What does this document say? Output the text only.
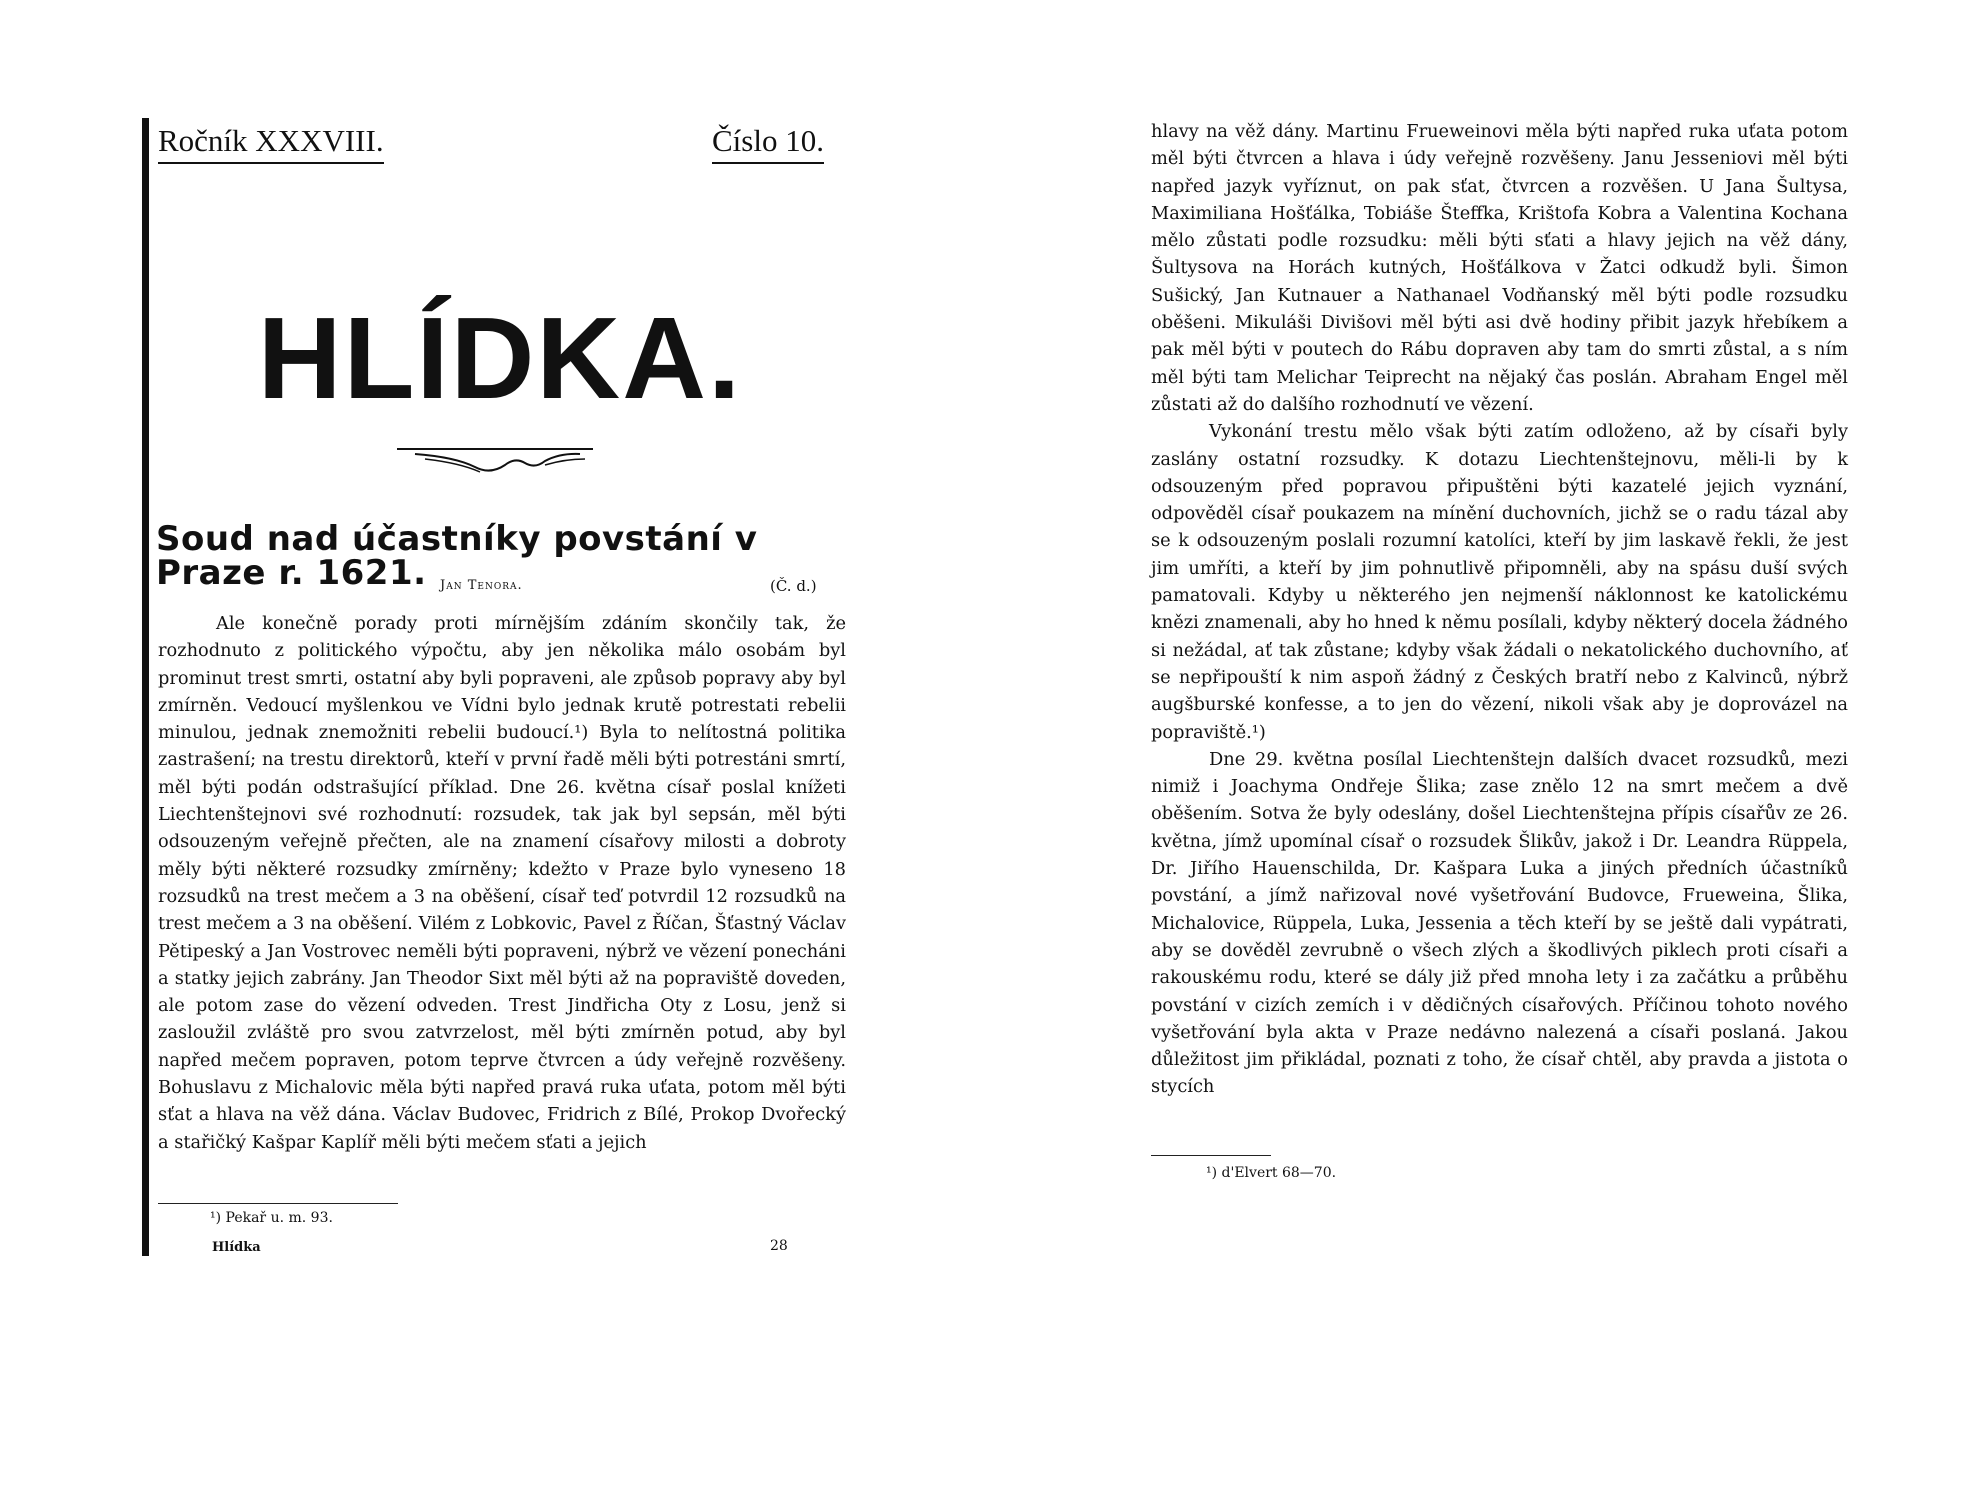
Ročník XXXVIII.	Číslo 10.
HLÍDKA.
Soud nad účastníky povstání v Praze r. 1621.	Jan Tenora.	(Č. d.)

Ale konečně porady proti mírnějším zdáním skončily tak, že rozhodnuto z politického výpočtu, aby jen několika málo osobám byl prominut trest smrti, ostatní aby byli popraveni, ale způsob popravy aby byl zmírněn. Vedoucí myšlenkou ve Vídni bylo jednak krutě potrestati rebelii minulou, jednak znemožniti rebelii budoucí.¹) Byla to nelítostná politika zastrašení; na trestu direktorů, kteří v první řadě měli býti potrestáni smrtí, měl býti podán odstrašující příklad. Dne 26. května císař poslal knížeti Liechtenštejnovi své rozhodnutí: rozsudek, tak jak byl sepsán, měl býti odsouzeným veřejně přečten, ale na znamení císařovy milosti a dobroty měly býti některé rozsudky zmírněny; kdežto v Praze bylo vyneseno 18 rozsudků na trest mečem a 3 na oběšení, císař teď potvrdil 12 rozsudků na trest mečem a 3 na oběšení. Vilém z Lobkovic, Pavel z Říčan, Šťastný Václav Pětipeský a Jan Vostrovec neměli býti popraveni, nýbrž ve vězení ponecháni a statky jejich zabrány. Jan Theodor Sixt měl býti až na popraviště doveden, ale potom zase do vězení odveden. Trest Jindřicha Oty z Losu, jenž si zasloužil zvláště pro svou zatvrzelost, měl býti zmírněn potud, aby byl napřed mečem popraven, potom teprve čtvrcen a údy veřejně rozvěšeny. Bohuslavu z Michalovic měla býti napřed pravá ruka uťata, potom měl býti sťat a hlava na věž dána. Václav Budovec, Fridrich z Bílé, Prokop Dvořecký a stařičký Kašpar Kaplíř měli býti mečem sťati a jejich

¹) Pekař u. m. 93.
Hlídka	28

hlavy na věž dány. Martinu Frueweinovi měla býti napřed ruka uťata potom měl býti čtvrcen a hlava i údy veřejně rozvěšeny. Janu Jesseniovi měl býti napřed jazyk vyříznut, on pak sťat, čtvrcen a rozvěšen. U Jana Šultysa, Maximiliana Hošťálka, Tobiáše Šteffka, Krištofa Kobra a Valentina Kochana mělo zůstati podle rozsudku: měli býti sťati a hlavy jejich na věž dány, Šultysova na Horách kutných, Hošťálkova v Žatci odkudž byli. Šimon Sušický, Jan Kutnauer a Nathanael Vodňanský měl býti podle rozsudku oběšeni. Mikuláši Divišovi měl býti asi dvě hodiny přibit jazyk hřebíkem a pak měl býti v poutech do Rábu dopraven aby tam do smrti zůstal, a s ním měl býti tam Melichar Teiprecht na nějaký čas poslán. Abraham Engel měl zůstati až do dalšího rozhodnutí ve vězení.

Vykonání trestu mělo však býti zatím odloženo, až by císaři byly zaslány ostatní rozsudky. K dotazu Liechtenštejnovu, měli-li by k odsouzeným před popravou připuštěni býti kazatelé jejich vyznání, odpověděl císař poukazem na mínění duchovních, jichž se o radu tázal aby se k odsouzeným poslali rozumní katolíci, kteří by jim laskavě řekli, že jest jim umříti, a kteří by jim pohnutlivě připomněli, aby na spásu duší svých pamatovali. Kdyby u některého jen nejmenší náklonnost ke katolickému knězi znamenali, aby ho hned k němu posílali, kdyby některý docela žádného si nežádal, ať tak zůstane; kdyby však žádali o nekatolického duchovního, ať se nepřipouští k nim aspoň žádný z Českých bratří nebo z Kalvinců, nýbrž augšburské konfesse, a to jen do vězení, nikoli však aby je doprovázel na popraviště.¹)

Dne 29. května posílal Liechtenštejn dalších dvacet rozsudků, mezi nimiž i Joachyma Ondřeje Šlika; zase znělo 12 na smrt mečem a dvě oběšením. Sotva že byly odeslány, došel Liechtenštejna přípis císařův ze 26. května, jímž upomínal císař o rozsudek Šlikův, jakož i Dr. Leandra Rüppela, Dr. Jiřího Hauenschilda, Dr. Kašpara Luka a jiných předních účastníků povstání, a jímž nařizoval nové vyšetřování Budovce, Frueweina, Šlika, Michalovice, Rüppela, Luka, Jessenia a těch kteří by se ještě dali vypátrati, aby se dověděl zevrubně o všech zlých a škodlivých piklech proti císaři a rakouskému rodu, které se dály již před mnoha lety i za začátku a průběhu povstání v cizích zemích i v dědičných císařových. Příčinou tohoto nového vyšetřování byla akta v Praze nedávno nalezená a císaři poslaná. Jakou důležitost jim přikládal, poznati z toho, že císař chtěl, aby pravda a jistota o stycích

¹) d'Elvert 68—70.
